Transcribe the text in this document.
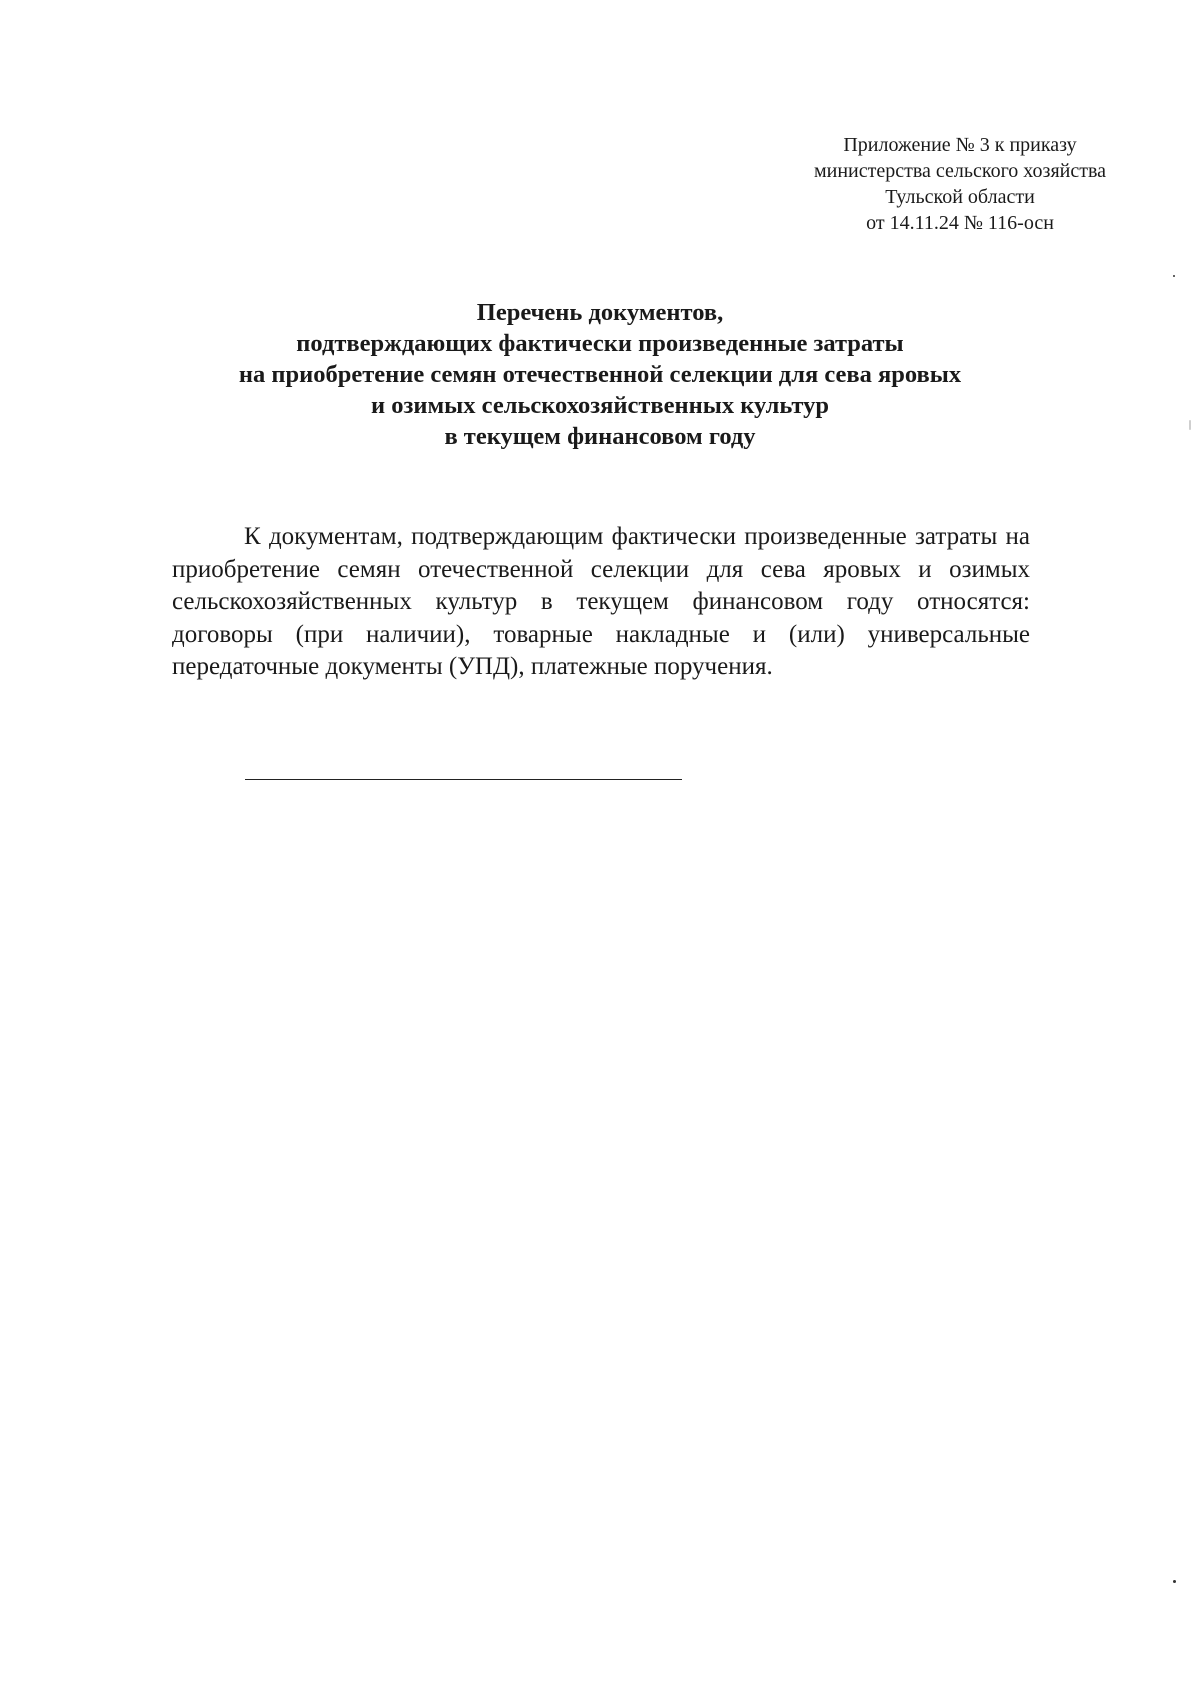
Приложение № 3 к приказу
министерства сельского хозяйства
Тульской области
от 14.11.24 № 116-осн
Перечень документов,
подтверждающих фактически произведенные затраты
на приобретение семян отечественной селекции для сева яровых
и озимых сельскохозяйственных культур
в текущем финансовом году

К документам, подтверждающим фактически произведенные затраты на приобретение семян отечественной селекции для сева яровых и озимых сельскохозяйственных культур в текущем финансовом году относятся: договоры (при наличии), товарные накладные и (или) универсальные передаточные документы (УПД), платежные поручения.
